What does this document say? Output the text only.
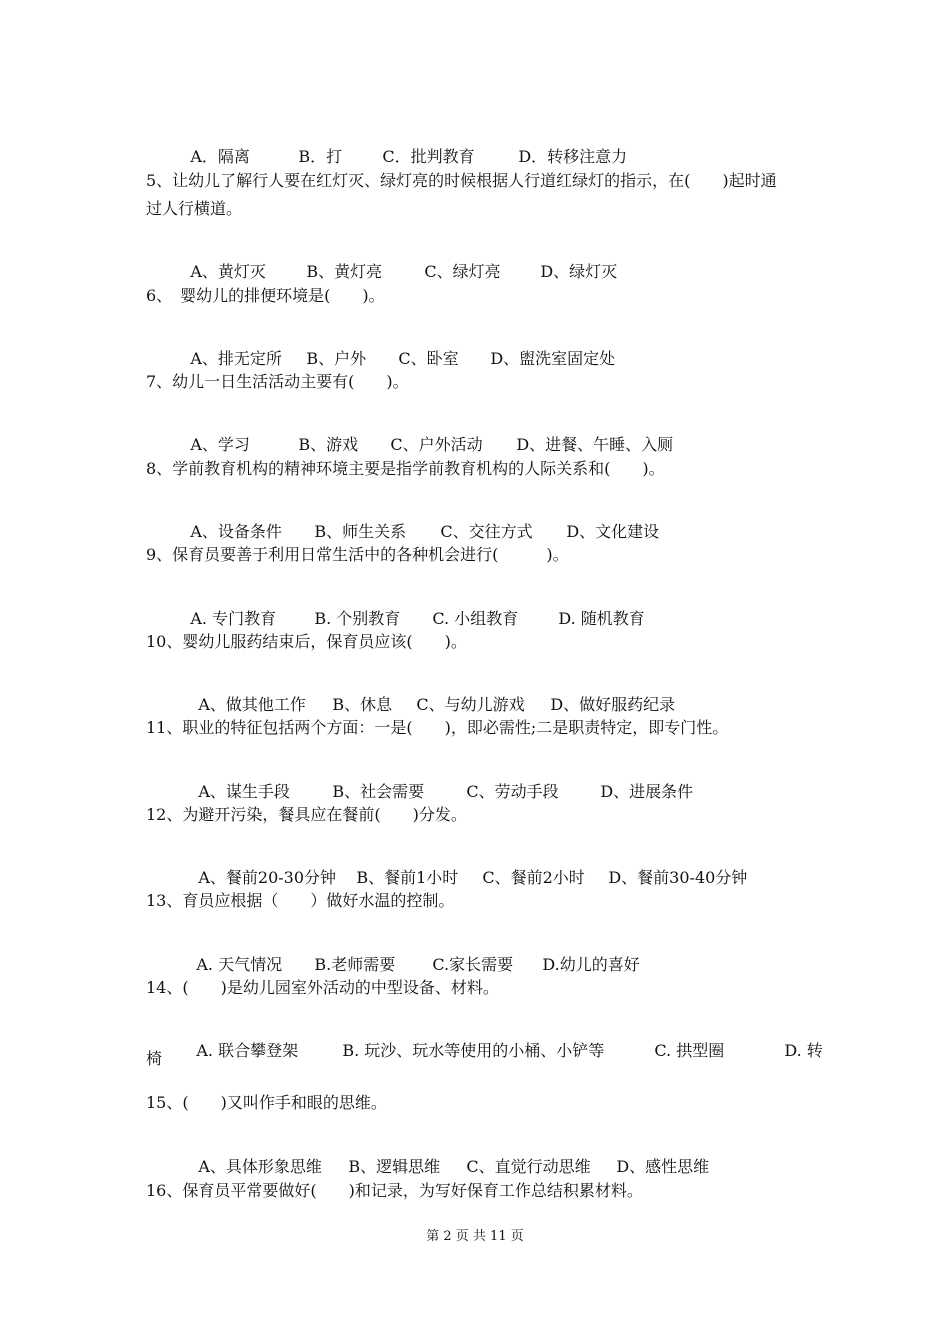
A．隔离	B．打	C．批判教育	D．转移注意力

5、让幼儿了解行人要在红灯灭、绿灯亮的时候根据人行道红绿灯的指示，在(　　)起时通
过人行横道。

A、黄灯灭	B、黄灯亮	C、绿灯亮 D、绿灯灭

6、　婴幼儿的排便环境是(　　)。

A、排无定所 B、户外 C、卧室 D、盥洗室固定处

7、幼儿一日生活活动主要有(　　)。

A、学习	B、游戏 C、户外活动 D、进餐、午睡、入厕

8、学前教育机构的精神环境主要是指学前教育机构的人际关系和(　　)。

A、设备条件 B、师生关系 C、交往方式 D、文化建设

9、保育员要善于利用日常生活中的各种机会进行(　　　)。

A. 专门教育 B. 个别教育 C. 小组教育	D. 随机教育

10、婴幼儿服药结束后，保育员应该(　　)。

A、做其他工作 B、休息 C、与幼儿游戏 D、做好服药纪录

11、职业的特征包括两个方面：一是(　　)，即必需性;二是职责特定，即专门性。

A、谋生手段	B、社会需要	C、劳动手段	D、进展条件

12、为避开污染，餐具应在餐前(　　)分发。

A、餐前20-30分钟 B、餐前1小时 C、餐前2小时 D、餐前30-40分钟

13、育员应根据（　　）做好水温的控制。

A. 天气情况 B.老师需要 C.家长需要 D.幼儿的喜好

14、(　　)是幼儿园室外活动的中型设备、材料。

A. 联合攀登架	B. 玩沙、玩水等使用的小桶、小铲等	C. 拱型圈	D. 转

椅
15、(　　)又叫作手和眼的思维。

A、具体形象思维 B、逻辑思维 C、直觉行动思维 D、感性思维

16、保育员平常要做好(　　)和记录，为写好保育工作总结积累材料。
第 2 页 共 11 页
